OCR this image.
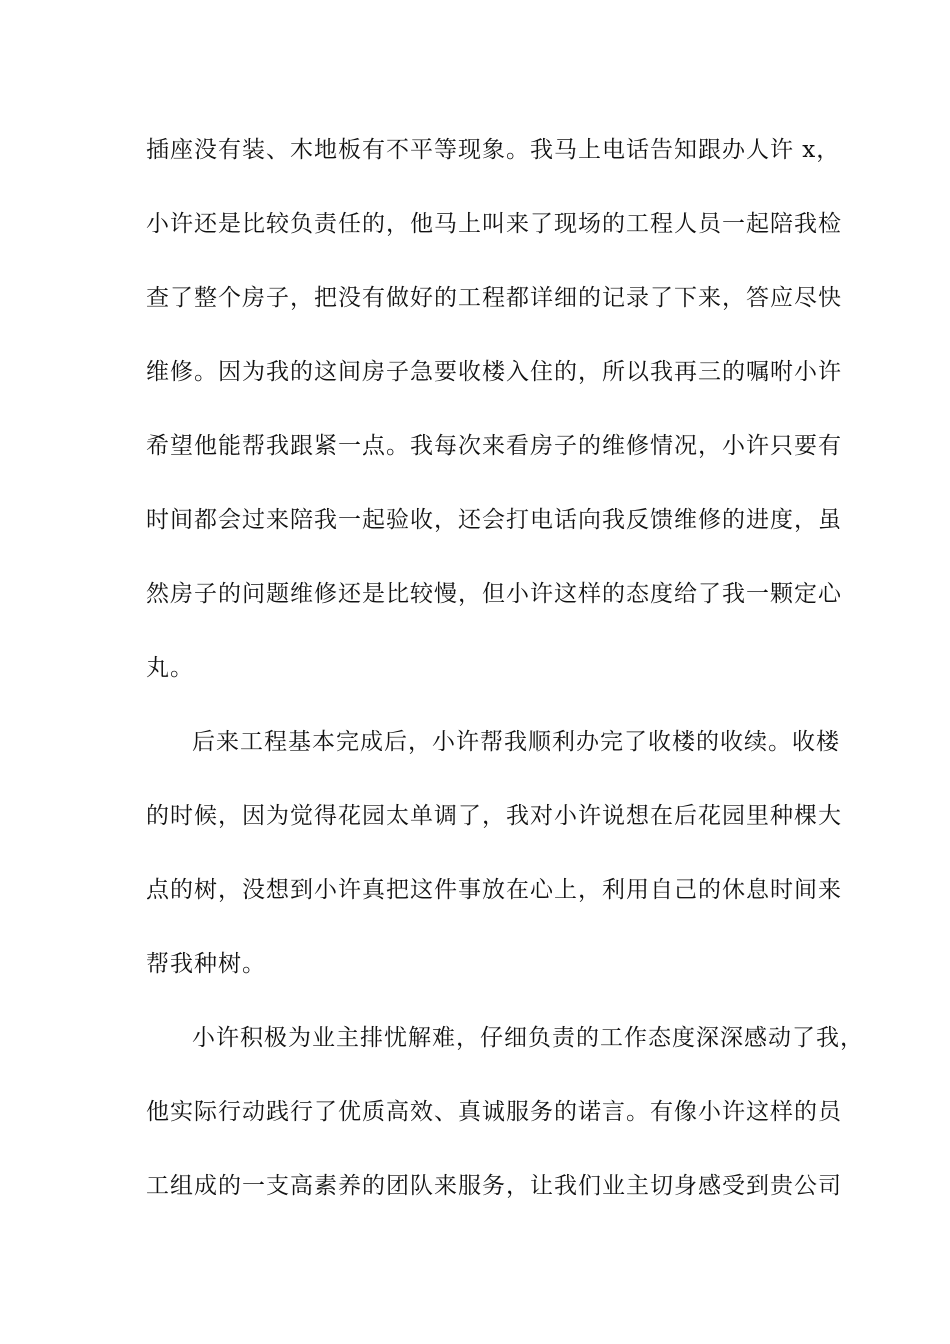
插座没有装、木地板有不平等现象。我马上电话告知跟办人许 x，
小许还是比较负责任的，他马上叫来了现场的工程人员一起陪我检
查了整个房子，把没有做好的工程都详细的记录了下来，答应尽快
维修。因为我的这间房子急要收楼入住的，所以我再三的嘱咐小许
希望他能帮我跟紧一点。我每次来看房子的维修情况，小许只要有
时间都会过来陪我一起验收，还会打电话向我反馈维修的进度，虽
然房子的问题维修还是比较慢，但小许这样的态度给了我一颗定心
丸。
后来工程基本完成后，小许帮我顺利办完了收楼的收续。收楼
的时候，因为觉得花园太单调了，我对小许说想在后花园里种棵大
点的树，没想到小许真把这件事放在心上，利用自己的休息时间来
帮我种树。
小许积极为业主排忧解难，仔细负责的工作态度深深感动了我，
他实际行动践行了优质高效、真诚服务的诺言。有像小许这样的员
工组成的一支高素养的团队来服务，让我们业主切身感受到贵公司
